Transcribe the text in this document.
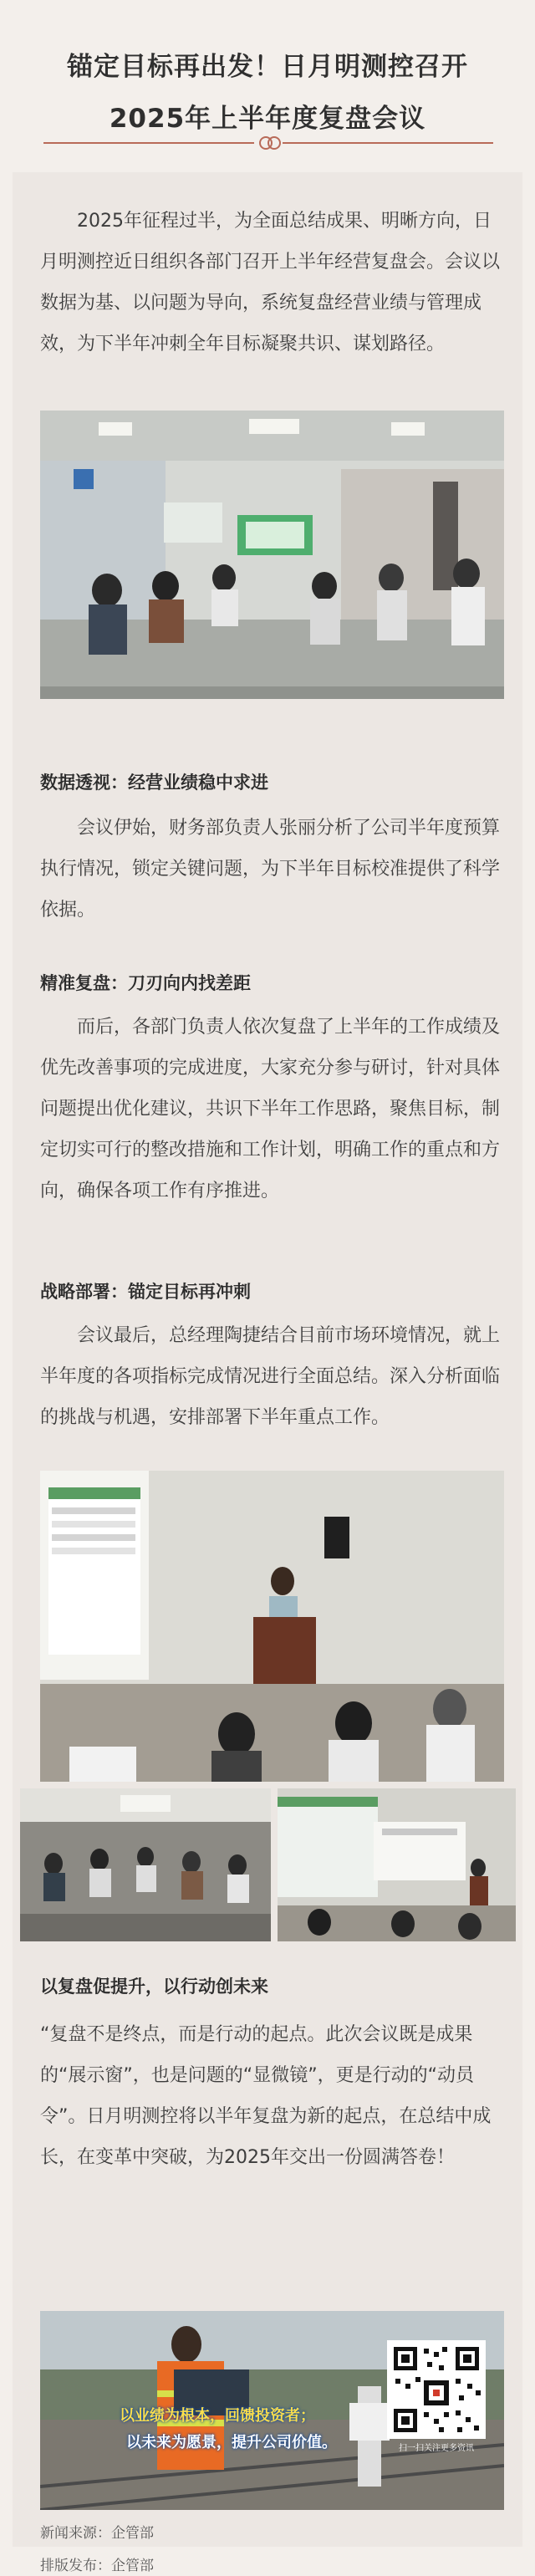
锚定目标再出发！日月明测控召开
2025年上半年度复盘会议

2025年征程过半，为全面总结成果、明晰方向，日月明测控近日组织各部门召开上半年经营复盘会。会议以数据为基、以问题为导向，系统复盘经营业绩与管理成效，为下半年冲刺全年目标凝聚共识、谋划路径。

数据透视：经营业绩稳中求进

会议伊始，财务部负责人张丽分析了公司半年度预算执行情况，锁定关键问题，为下半年目标校准提供了科学依据。

精准复盘：刀刃向内找差距

而后，各部门负责人依次复盘了上半年的工作成绩及优先改善事项的完成进度，大家充分参与研讨，针对具体问题提出优化建议，共识下半年工作思路，聚焦目标，制定切实可行的整改措施和工作计划，明确工作的重点和方向，确保各项工作有序推进。

战略部署：锚定目标再冲刺

会议最后，总经理陶捷结合目前市场环境情况，就上半年度的各项指标完成情况进行全面总结。深入分析面临的挑战与机遇，安排部署下半年重点工作。

以复盘促提升，以行动创未来

“复盘不是终点，而是行动的起点。此次会议既是成果的“展示窗”，也是问题的“显微镜”，更是行动的“动员令”。日月明测控将以半年复盘为新的起点，在总结中成长，在变革中突破，为2025年交出一份圆满答卷！

以业绩为根本，回馈投资者；
以未来为愿景，提升公司价值。	扫一扫关注更多资讯
新闻来源：企管部
排版发布：企管部
